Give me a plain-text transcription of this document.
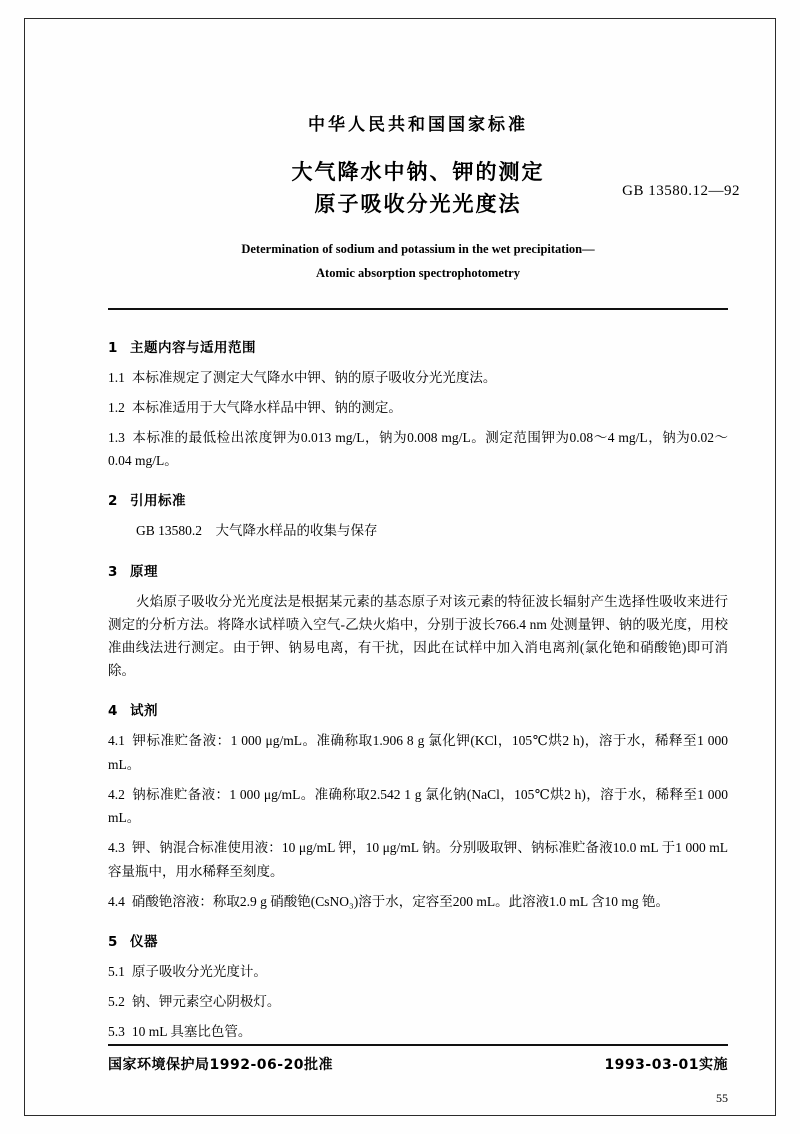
中华人民共和国国家标准
大气降水中钠、钾的测定
原子吸收分光光度法
GB 13580.12—92
Determination of sodium and potassium in the wet precipitation—
Atomic absorption spectrophotometry
1 主题内容与适用范围

1.1 本标准规定了测定大气降水中钾、钠的原子吸收分光光度法。

1.2 本标准适用于大气降水样品中钾、钠的测定。

1.3 本标准的最低检出浓度钾为0.013 mg/L，钠为0.008 mg/L。测定范围钾为0.08～4 mg/L，钠为0.02～0.04 mg/L。

2 引用标准

GB 13580.2　大气降水样品的收集与保存

3 原理

火焰原子吸收分光光度法是根据某元素的基态原子对该元素的特征波长辐射产生选择性吸收来进行测定的分析方法。将降水试样喷入空气-乙炔火焰中，分别于波长766.4 nm 处测量钾、钠的吸光度，用校准曲线法进行测定。由于钾、钠易电离，有干扰，因此在试样中加入消电离剂(氯化铯和硝酸铯)即可消除。

4 试剂

4.1 钾标准贮备液：1 000 μg/mL。准确称取1.906 8 g 氯化钾(KCl，105℃烘2 h)，溶于水，稀释至1 000 mL。

4.2 钠标准贮备液：1 000 μg/mL。准确称取2.542 1 g 氯化钠(NaCl，105℃烘2 h)，溶于水，稀释至1 000 mL。

4.3 钾、钠混合标准使用液：10 μg/mL 钾，10 μg/mL 钠。分别吸取钾、钠标准贮备液10.0 mL 于1 000 mL 容量瓶中，用水稀释至刻度。

4.4 硝酸铯溶液：称取2.9 g 硝酸铯(CsNO₃)溶于水，定容至200 mL。此溶液1.0 mL 含10 mg 铯。

5 仪器

5.1 原子吸收分光光度计。

5.2 钠、钾元素空心阴极灯。

5.3 10 mL 具塞比色管。

国家环境保护局1992-06-20批准	1993-03-01实施
55
